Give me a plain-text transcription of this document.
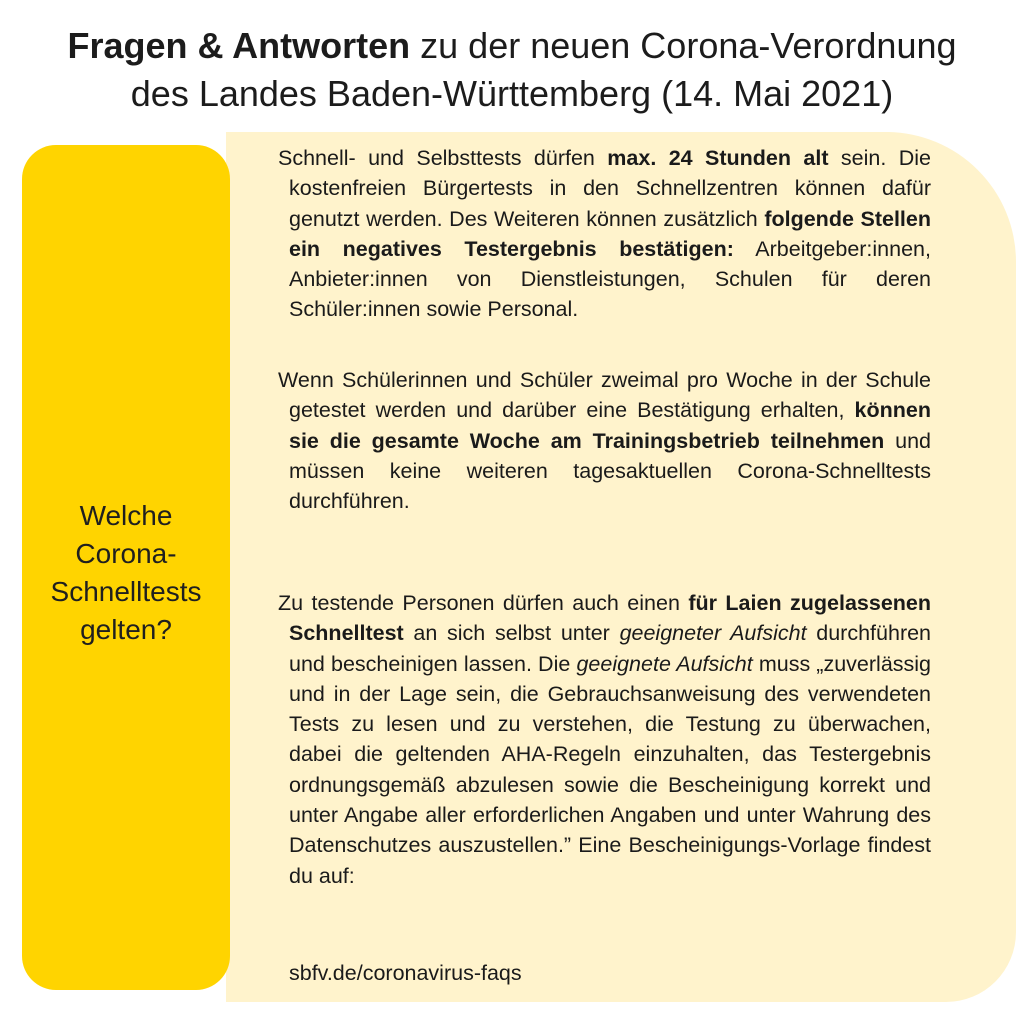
Fragen & Antworten zu der neuen Corona-Verordnung
des Landes Baden-Württemberg (14. Mai 2021)
Welche
Corona-
Schnelltests
gelten?
Schnell- und Selbsttests dürfen max. 24 Stunden alt sein. Die kostenfreien Bürgertests in den Schnellzentren können dafür genutzt werden. Des Weiteren können zusätzlich folgende Stellen ein negatives Testergebnis bestätigen: Arbeitgeber:innen, Anbieter:innen von Dienstleistungen, Schulen für deren Schüler:innen sowie Personal.
Wenn Schülerinnen und Schüler zweimal pro Woche in der Schule getestet werden und darüber eine Bestätigung erhalten, können sie die gesamte Woche am Trainingsbetrieb teilnehmen und müssen keine weiteren tagesaktuellen Corona-Schnelltests durchführen.
Zu testende Personen dürfen auch einen für Laien zugelassenen Schnelltest an sich selbst unter geeigneter Aufsicht durchführen und bescheinigen lassen. Die geeignete Aufsicht muss „zuverlässig und in der Lage sein, die Gebrauchsanweisung des verwendeten Tests zu lesen und zu verstehen, die Testung zu überwachen, dabei die geltenden AHA-Regeln einzuhalten, das Testergebnis ordnungsgemäß abzulesen sowie die Bescheinigung korrekt und unter Angabe aller erforderlichen Angaben und unter Wahrung des Datenschutzes auszustellen.” Eine Bescheinigungs-Vorlage findest du auf:
sbfv.de/coronavirus-faqs
